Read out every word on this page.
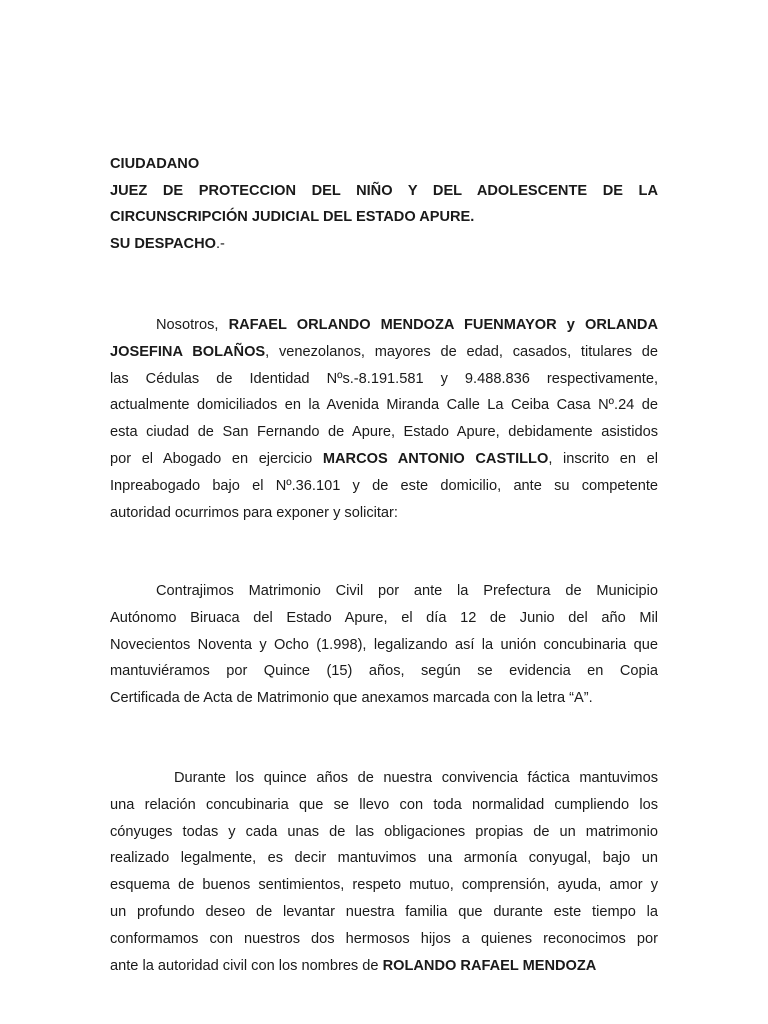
CIUDADANO
JUEZ DE PROTECCION DEL NIÑO Y DEL ADOLESCENTE DE LA
CIRCUNSCRIPCIÓN JUDICIAL DEL ESTADO APURE.
SU DESPACHO.-
Nosotros, RAFAEL ORLANDO MENDOZA FUENMAYOR y ORLANDA
JOSEFINA BOLAÑOS, venezolanos, mayores de edad, casados, titulares de
las Cédulas de Identidad Nºs.-8.191.581 y 9.488.836 respectivamente,
actualmente domiciliados en la Avenida Miranda Calle La Ceiba Casa Nº.24 de
esta ciudad de San Fernando de Apure, Estado Apure, debidamente asistidos
por el Abogado en ejercicio MARCOS ANTONIO CASTILLO, inscrito en el
Inpreabogado bajo el Nº.36.101 y de este domicilio, ante su competente
autoridad ocurrimos para exponer y solicitar:
Contrajimos Matrimonio Civil por ante la Prefectura de Municipio
Autónomo Biruaca del Estado Apure, el día 12 de Junio del año Mil
Novecientos Noventa y Ocho (1.998), legalizando así la unión concubinaria que
mantuviéramos por Quince (15) años, según se evidencia en Copia
Certificada de Acta de Matrimonio que anexamos marcada con la letra “A”.
Durante los quince años de nuestra convivencia fáctica mantuvimos
una relación concubinaria que se llevo con toda normalidad cumpliendo los
cónyuges todas y cada unas de las obligaciones propias de un matrimonio
realizado legalmente, es decir mantuvimos una armonía conyugal, bajo un
esquema de buenos sentimientos, respeto mutuo, comprensión, ayuda, amor y
un profundo deseo de levantar nuestra familia que durante este tiempo la
conformamos con nuestros dos hermosos hijos a quienes reconocimos por
ante la autoridad civil con los nombres de ROLANDO RAFAEL MENDOZA
